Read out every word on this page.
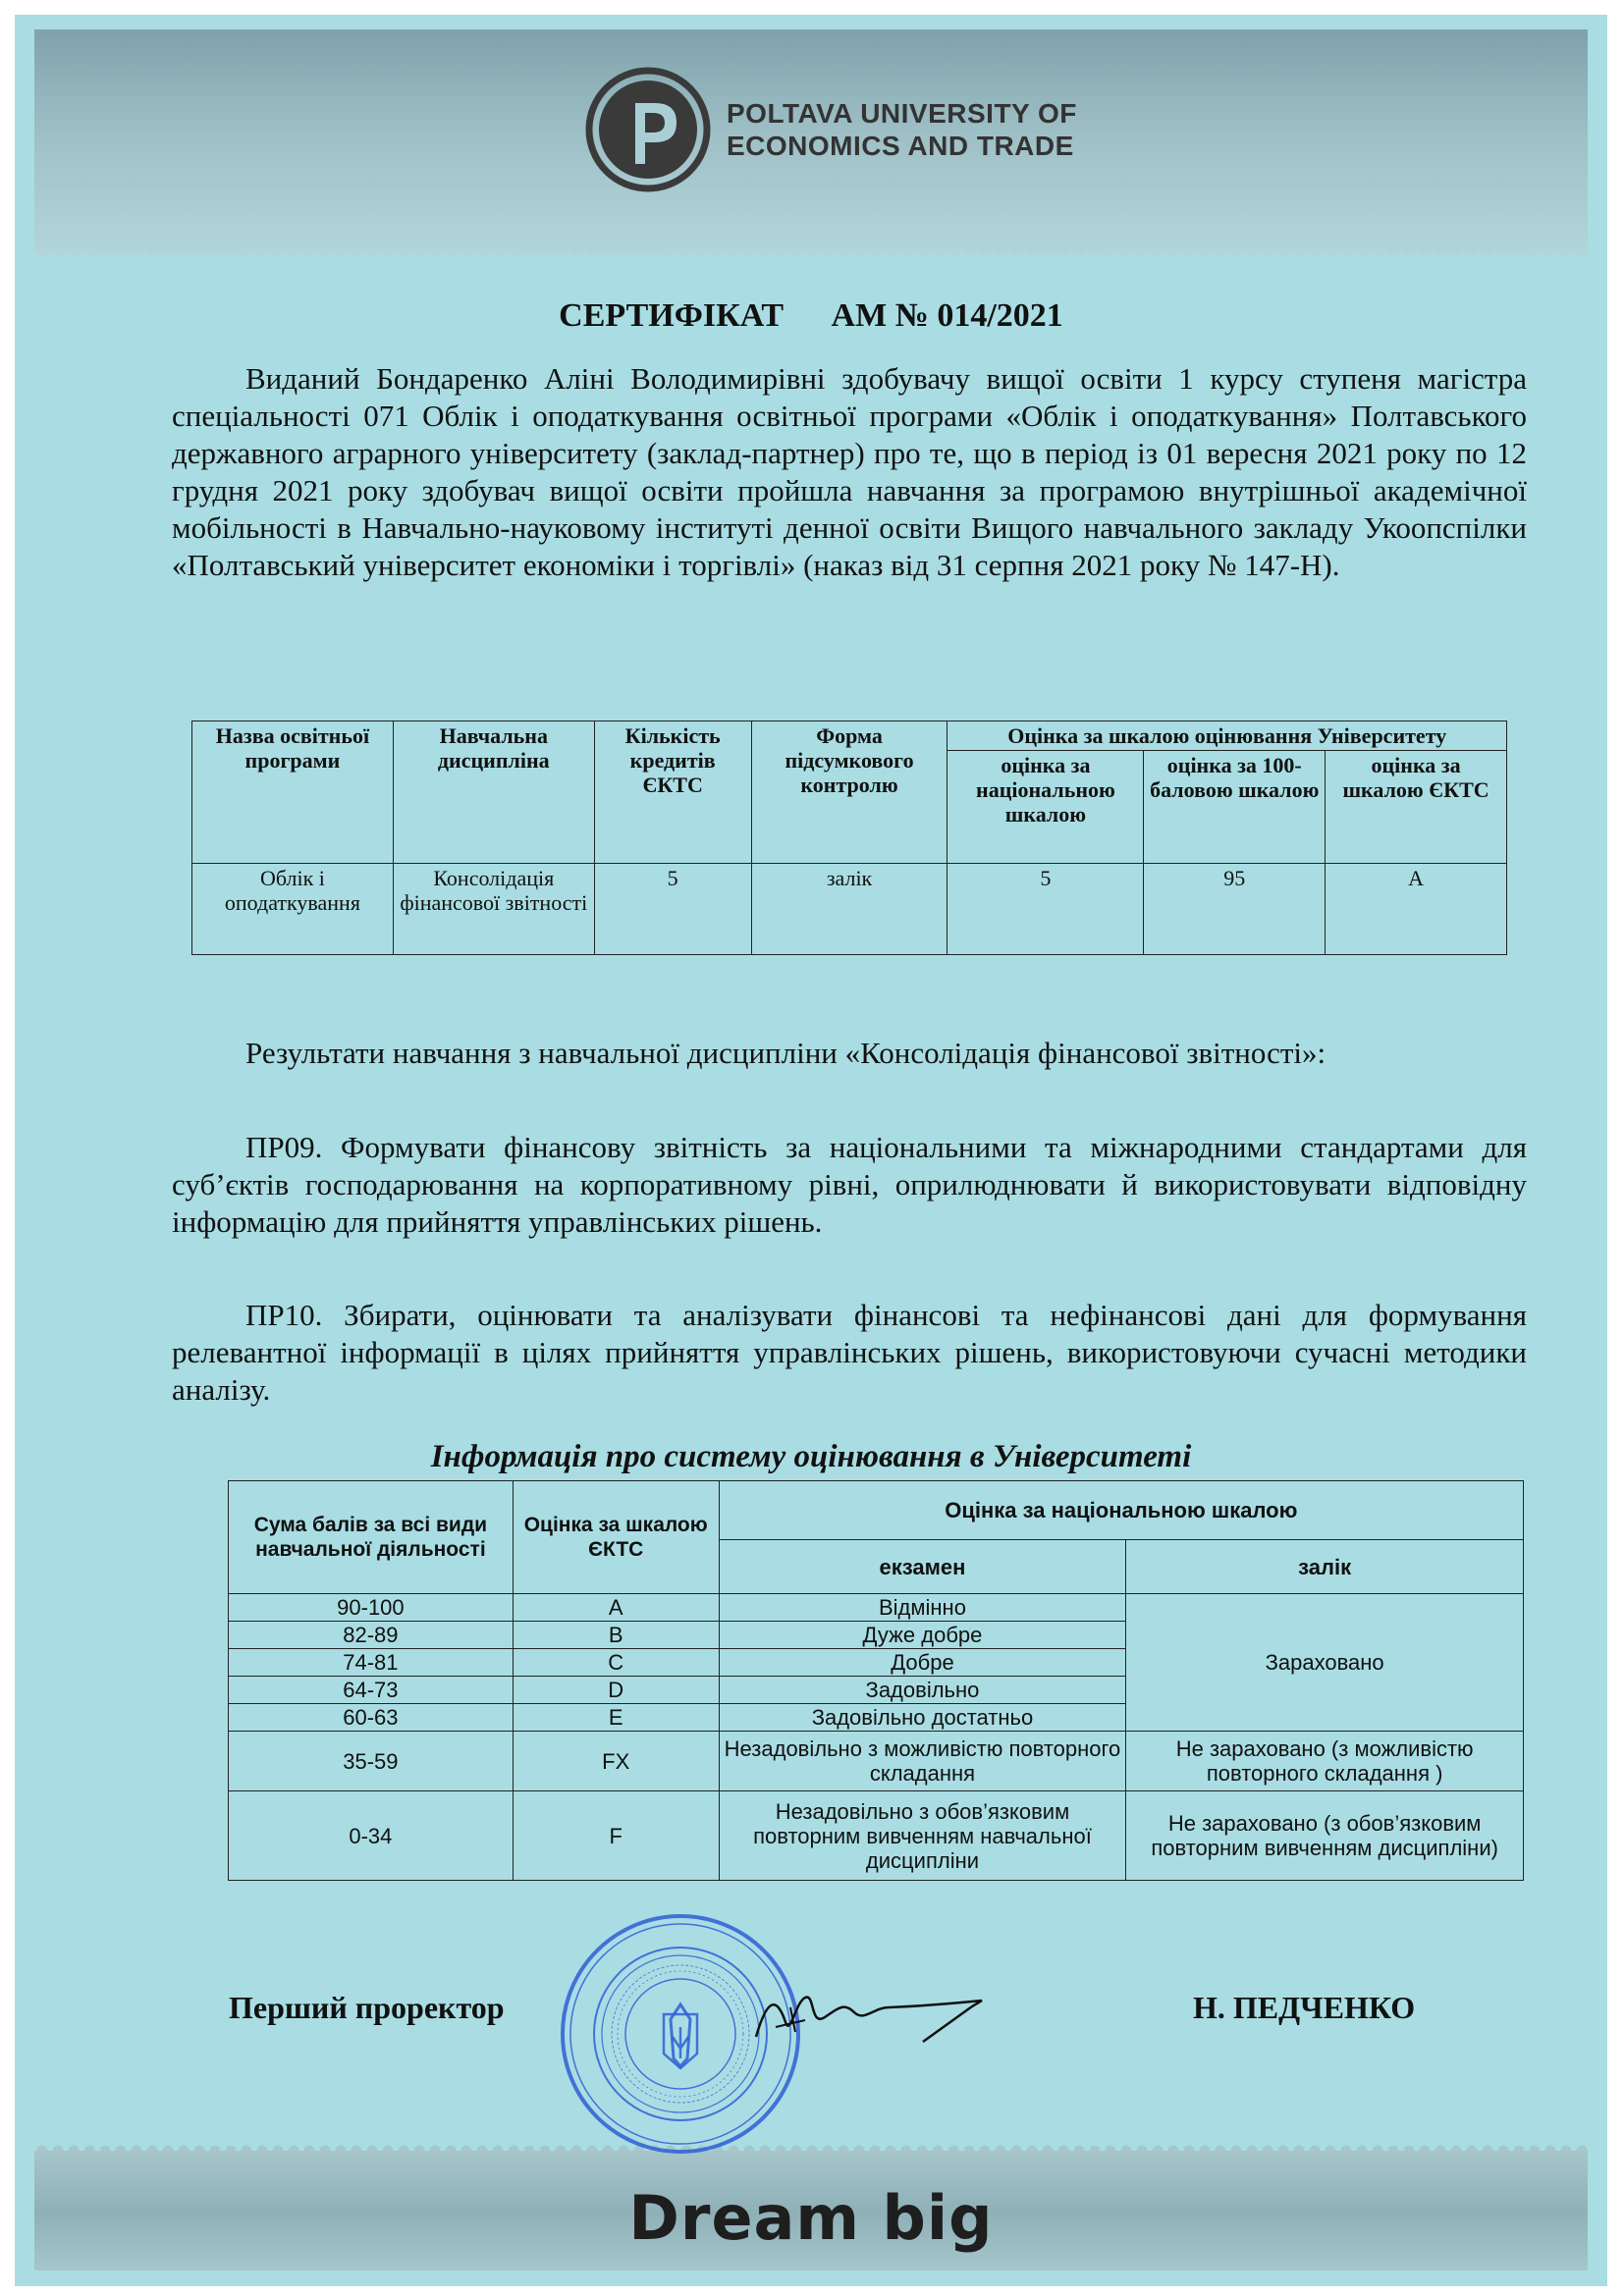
POLTAVA UNIVERSITY OF
ECONOMICS AND TRADE
СЕРТИФІКАТ АМ № 014/2021
Виданий Бондаренко Аліні Володимирівні здобувачу вищої освіти 1 курсу ступеня магістра спеціальності 071 Облік і оподаткування освітньої програми «Облік і оподаткування» Полтавського державного аграрного університету (заклад-партнер) про те, що в період із 01 вересня 2021 року по 12 грудня 2021 року здобувач вищої освіти пройшла навчання за програмою внутрішньої академічної мобільності в Навчально-науковому інституті денної освіти Вищого навчального закладу Укоопспілки «Полтавський університет економіки і торгівлі» (наказ від 31 серпня 2021 року № 147-Н).
Назва освітньої програми	Навчальна дисципліна	Кількість кредитів ЄКТС	Форма підсумкового контролю	Оцінка за шкалою оцінювання Університету		
				оцінка за національною шкалою	оцінка за 100-баловою шкалою	оцінка за шкалою ЄКТС
Облік і оподаткування	Консолідація фінансової звітності	5	залік	5	95	A
Результати навчання з навчальної дисципліни «Консолідація фінансової звітності»:
ПР09. Формувати фінансову звітність за національними та міжнародними стандартами для суб’єктів господарювання на корпоративному рівні, оприлюднювати й використовувати відповідну інформацію для прийняття управлінських рішень.
ПР10. Збирати, оцінювати та аналізувати фінансові та нефінансові дані для формування релевантної інформації в цілях прийняття управлінських рішень, використовуючи сучасні методики аналізу.
Інформація про систему оцінювання в Університеті
Сума балів за всі види навчальної діяльності	Оцінка за шкалою ЄКТС	Оцінка за національною шкалою	
		екзамен	залік
90-100	A	Відмінно	Зараховано
82-89	B	Дуже добре	
74-81	C	Добре	
64-73	D	Задовільно	
60-63	E	Задовільно достатньо	
35-59	FX	Незадовільно з можливістю повторного складання	Не зараховано (з можливістю повторного складання )
0-34	F	Незадовільно з обов’язковим повторним вивченням навчальної дисципліни	Не зараховано (з обов’язковим повторним вивченням дисципліни)
Перший проректор	Н. ПЕДЧЕНКО
Dream big
